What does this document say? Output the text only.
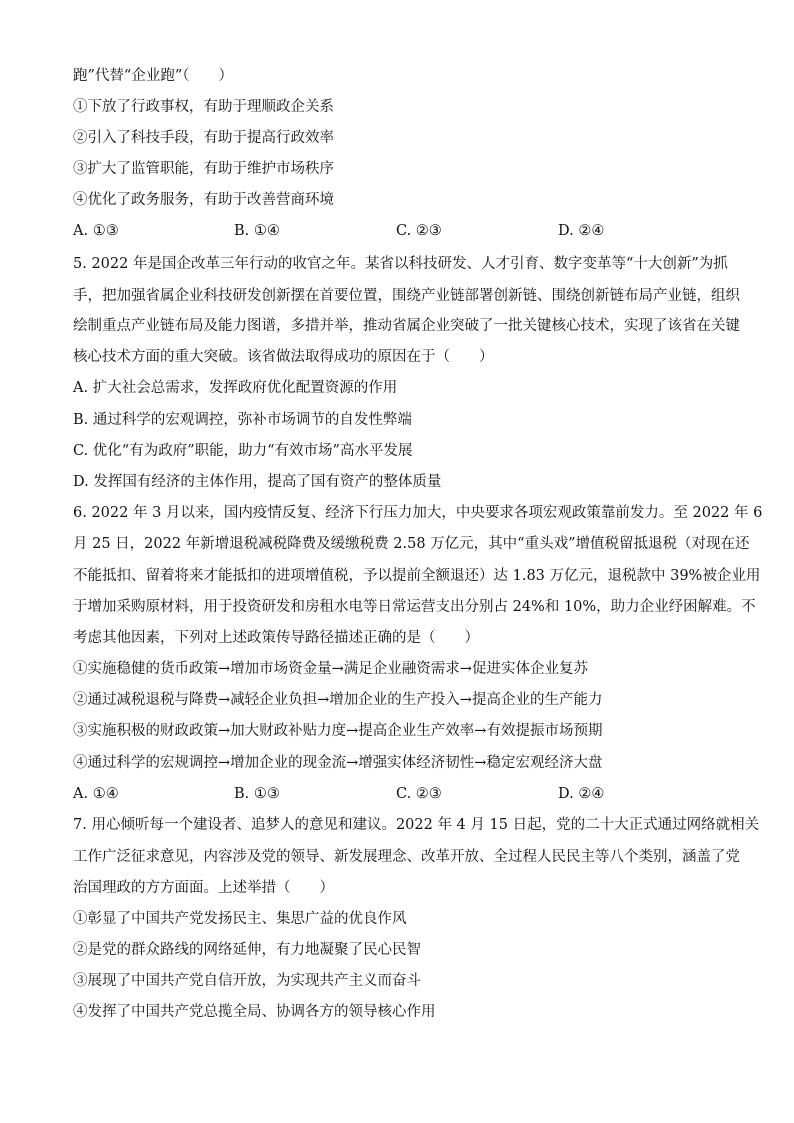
跑”代替“企业跑”（　　）
①下放了行政事权，有助于理顺政企关系
②引入了科技手段，有助于提高行政效率
③扩大了监管职能，有助于维护市场秩序
④优化了政务服务，有助于改善营商环境
A. ①③	B. ①④	C. ②③	D. ②④
5. 2022 年是国企改革三年行动的收官之年。某省以科技研发、人才引育、数字变革等“十大创新”为抓
手，把加强省属企业科技研发创新摆在首要位置，围绕产业链部署创新链、围绕创新链布局产业链，组织
绘制重点产业链布局及能力图谱，多措并举，推动省属企业突破了一批关键核心技术，实现了该省在关键
核心技术方面的重大突破。该省做法取得成功的原因在于（　　）
A. 扩大社会总需求，发挥政府优化配置资源的作用
B. 通过科学的宏观调控，弥补市场调节的自发性弊端
C. 优化“有为政府”职能，助力“有效市场”高水平发展
D. 发挥国有经济的主体作用，提高了国有资产的整体质量
6. 2022 年 3 月以来，国内疫情反复、经济下行压力加大，中央要求各项宏观政策靠前发力。至 2022 年 6
月 25 日，2022 年新增退税减税降费及缓缴税费 2.58 万亿元，其中“重头戏”增值税留抵退税（对现在还
不能抵扣、留着将来才能抵扣的进项增值税，予以提前全额退还）达 1.83 万亿元，退税款中 39%被企业用
于增加采购原材料，用于投资研发和房租水电等日常运营支出分别占 24%和 10%，助力企业纾困解难。不
考虑其他因素，下列对上述政策传导路径描述正确的是（　　）
①实施稳健的货币政策→增加市场资金量→满足企业融资需求→促进实体企业复苏
②通过减税退税与降费→减轻企业负担→增加企业的生产投入→提高企业的生产能力
③实施积极的财政政策→加大财政补贴力度→提高企业生产效率→有效提振市场预期
④通过科学的宏规调控→增加企业的现金流→增强实体经济韧性→稳定宏观经济大盘
A. ①④	B. ①③	C. ②③	D. ②④
7. 用心倾听每一个建设者、追梦人的意见和建议。2022 年 4 月 15 日起，党的二十大正式通过网络就相关
工作广泛征求意见，内容涉及党的领导、新发展理念、改革开放、全过程人民民主等八个类别，涵盖了党
治国理政的方方面面。上述举措（　　）
①彰显了中国共产党发扬民主、集思广益的优良作风
②是党的群众路线的网络延伸，有力地凝聚了民心民智
③展现了中国共产党自信开放，为实现共产主义而奋斗
④发挥了中国共产党总揽全局、协调各方的领导核心作用
